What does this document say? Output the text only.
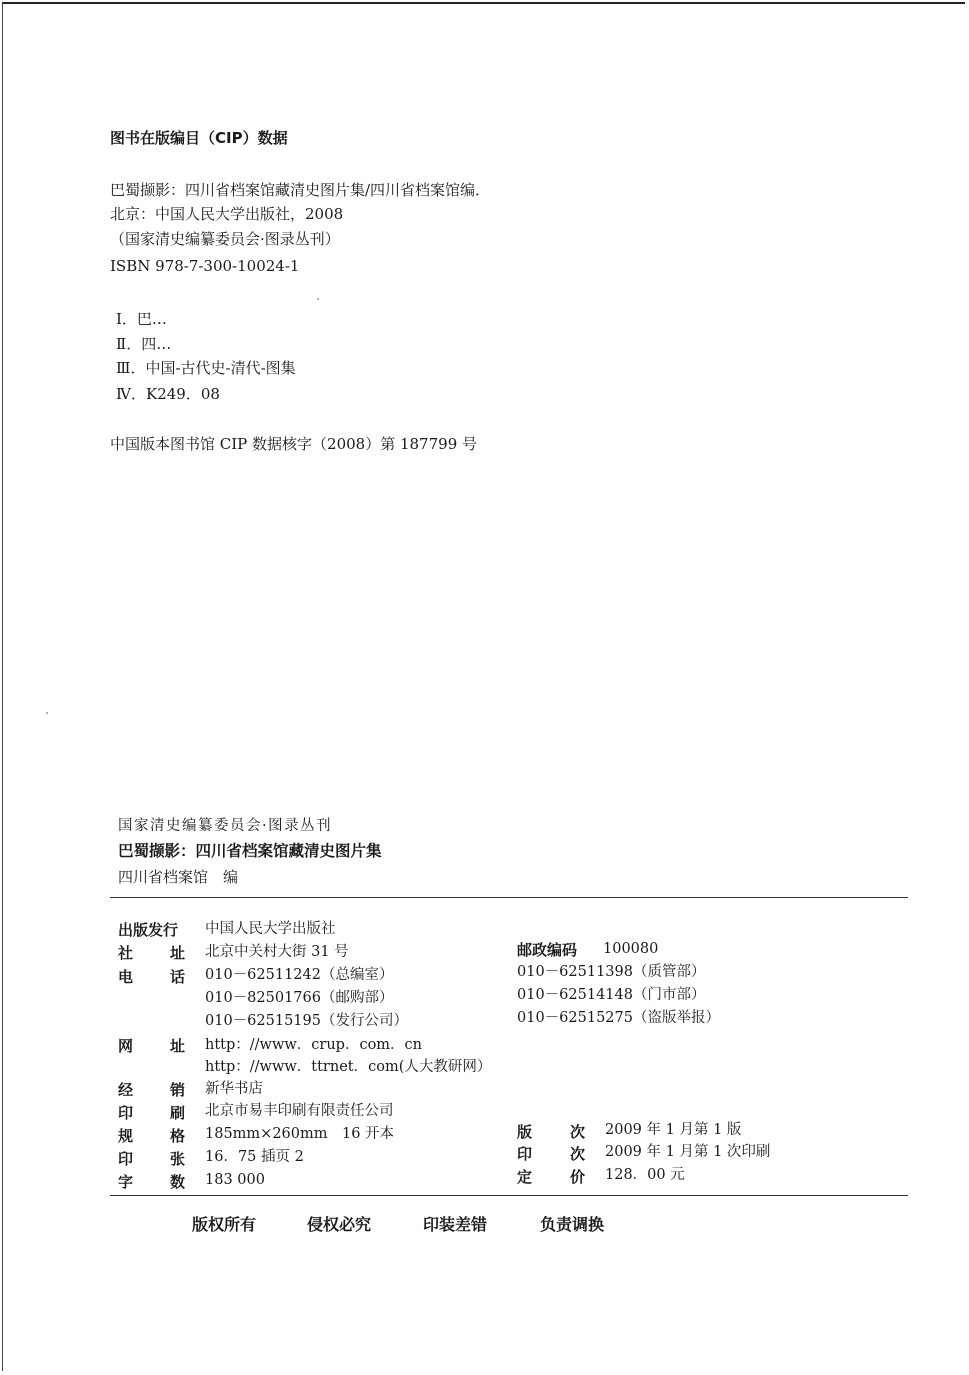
图书在版编目（CIP）数据
巴蜀撷影：四川省档案馆藏清史图片集/四川省档案馆编．
北京：中国人民大学出版社，2008
（国家清史编纂委员会·图录丛刊）
ISBN 978-7-300-10024-1
Ⅰ．巴…
Ⅱ．四…
Ⅲ．中国-古代史-清代-图集
Ⅳ．K249．08
中国版本图书馆 CIP 数据核字（2008）第 187799 号
国家清史编纂委员会·图录丛刊
巴蜀撷影：四川省档案馆藏清史图片集
四川省档案馆　编
出版发行 中国人民大学出版社
社 址 北京中关村大街 31 号
电 话 010－62511242（总编室）
010－82501766（邮购部）
010－62515195（发行公司）
网 址 http：//www．crup．com．cn
http：//www．ttrnet．com(人大教研网）
经 销 新华书店
印 刷 北京市易丰印刷有限责任公司
规 格 185mm×260mm　16 开本
印 张 16．75 插页 2
字 数 183 000
邮政编码 100080
010－62511398（质管部）
010－62514148（门市部）
010－62515275（盗版举报）
版	次 2009 年 1 月第 1 版
印	次 2009 年 1 月第 1 次印刷
定	价 128．00 元
版权所有	侵权必究	印装差错	负责调换
